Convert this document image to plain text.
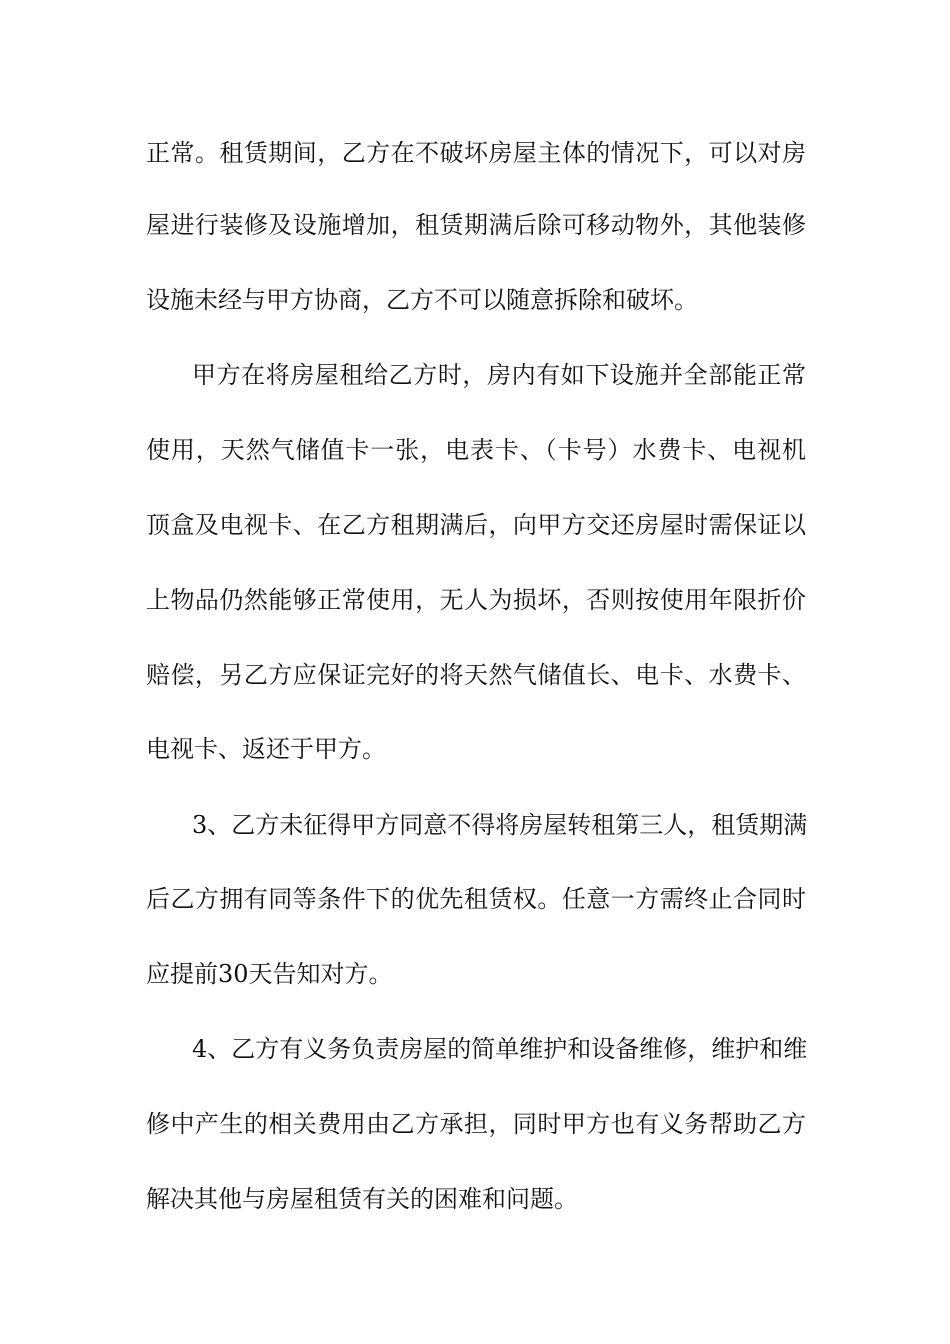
正常。租赁期间，乙方在不破坏房屋主体的情况下，可以对房
屋进行装修及设施增加，租赁期满后除可移动物外，其他装修
设施未经与甲方协商，乙方不可以随意拆除和破坏。
甲方在将房屋租给乙方时，房内有如下设施并全部能正常
使用，天然气储值卡一张，电表卡、（卡号）水费卡、电视机
顶盒及电视卡、在乙方租期满后，向甲方交还房屋时需保证以
上物品仍然能够正常使用，无人为损坏，否则按使用年限折价
赔偿，另乙方应保证完好的将天然气储值长、电卡、水费卡、
电视卡、返还于甲方。
3、乙方未征得甲方同意不得将房屋转租第三人，租赁期满
后乙方拥有同等条件下的优先租赁权。任意一方需终止合同时
应提前30天告知对方。
4、乙方有义务负责房屋的简单维护和设备维修，维护和维
修中产生的相关费用由乙方承担，同时甲方也有义务帮助乙方
解决其他与房屋租赁有关的困难和问题。
